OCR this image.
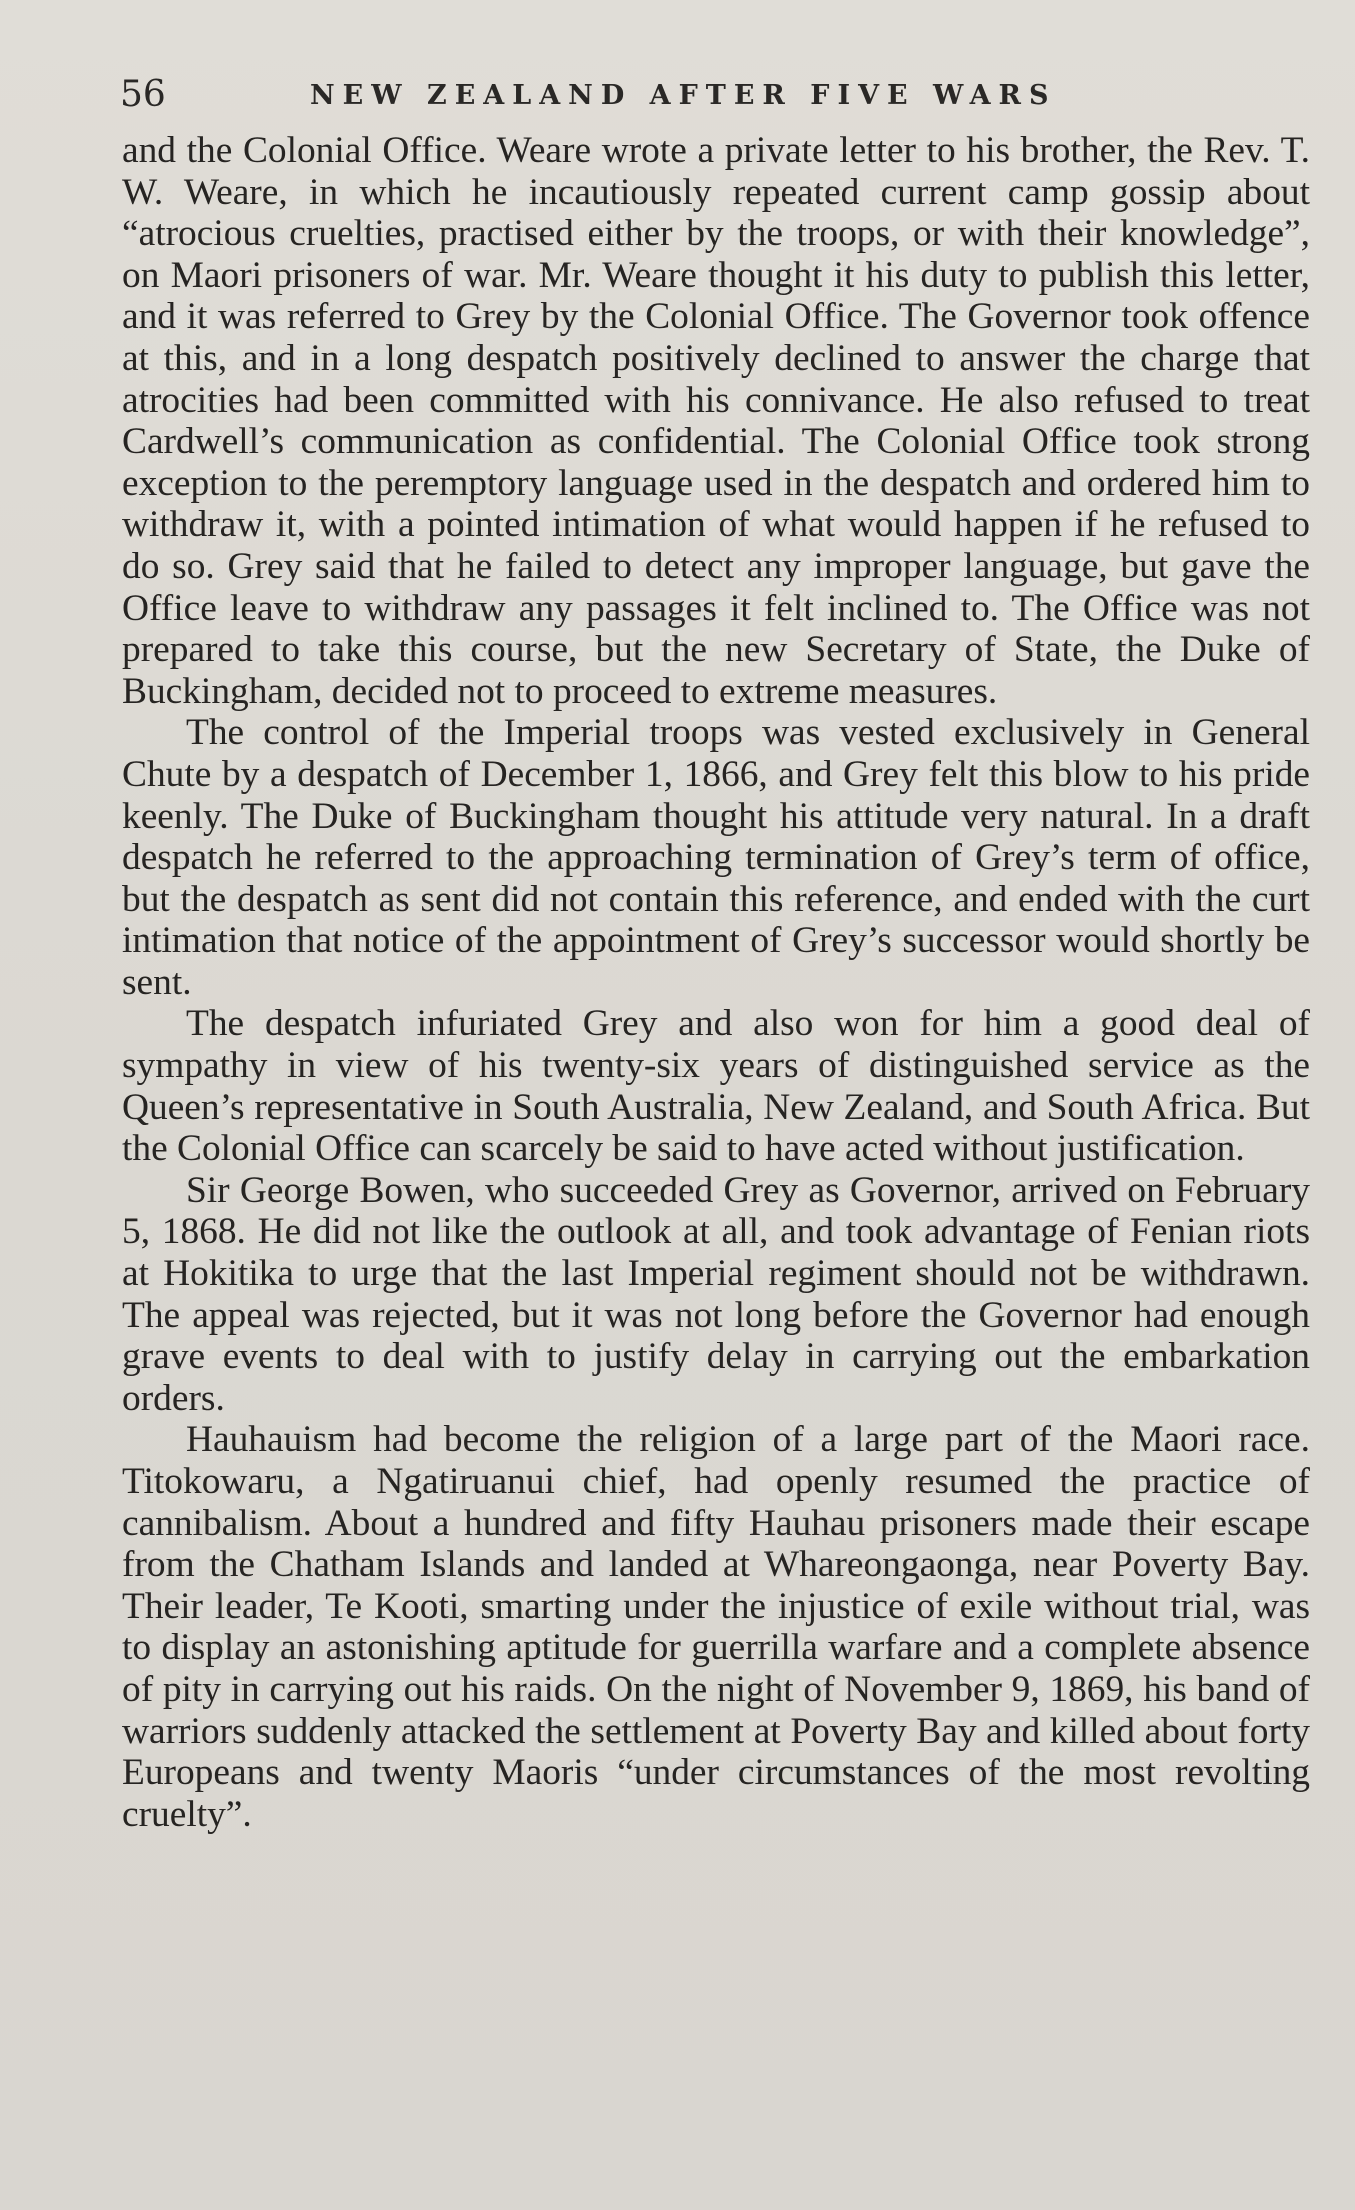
56	NEW ZEALAND AFTER FIVE WARS

and the Colonial Office. Weare wrote a private letter to his brother, the Rev. T. W. Weare, in which he incautiously repeated current camp gossip about “atrocious cruelties, practised either by the troops, or with their knowledge”, on Maori prisoners of war. Mr. Weare thought it his duty to publish this letter, and it was referred to Grey by the Colonial Office. The Governor took offence at this, and in a long despatch positively declined to answer the charge that atrocities had been committed with his connivance. He also refused to treat Cardwell’s communication as confidential. The Colonial Office took strong exception to the peremptory language used in the despatch and ordered him to withdraw it, with a pointed intimation of what would happen if he refused to do so. Grey said that he failed to detect any improper language, but gave the Office leave to withdraw any passages it felt inclined to. The Office was not prepared to take this course, but the new Secretary of State, the Duke of Buckingham, decided not to proceed to extreme measures.

The control of the Imperial troops was vested exclusively in General Chute by a despatch of December 1, 1866, and Grey felt this blow to his pride keenly. The Duke of Buckingham thought his attitude very natural. In a draft despatch he referred to the approaching termination of Grey’s term of office, but the despatch as sent did not contain this reference, and ended with the curt intimation that notice of the appointment of Grey’s successor would shortly be sent.

The despatch infuriated Grey and also won for him a good deal of sympathy in view of his twenty-six years of distinguished service as the Queen’s representative in South Australia, New Zealand, and South Africa. But the Colonial Office can scarcely be said to have acted without justification.

Sir George Bowen, who succeeded Grey as Governor, arrived on February 5, 1868. He did not like the outlook at all, and took advantage of Fenian riots at Hokitika to urge that the last Imperial regiment should not be withdrawn. The appeal was rejected, but it was not long before the Governor had enough grave events to deal with to justify delay in carrying out the embarkation orders.

Hauhauism had become the religion of a large part of the Maori race. Titokowaru, a Ngatiruanui chief, had openly resumed the practice of cannibalism. About a hundred and fifty Hauhau prisoners made their escape from the Chatham Islands and landed at Whareongaonga, near Poverty Bay. Their leader, Te Kooti, smarting under the injustice of exile without trial, was to display an astonishing aptitude for guerrilla warfare and a complete absence of pity in carrying out his raids. On the night of November 9, 1869, his band of warriors suddenly attacked the settlement at Poverty Bay and killed about forty Europeans and twenty Maoris “under circumstances of the most revolting cruelty”.
